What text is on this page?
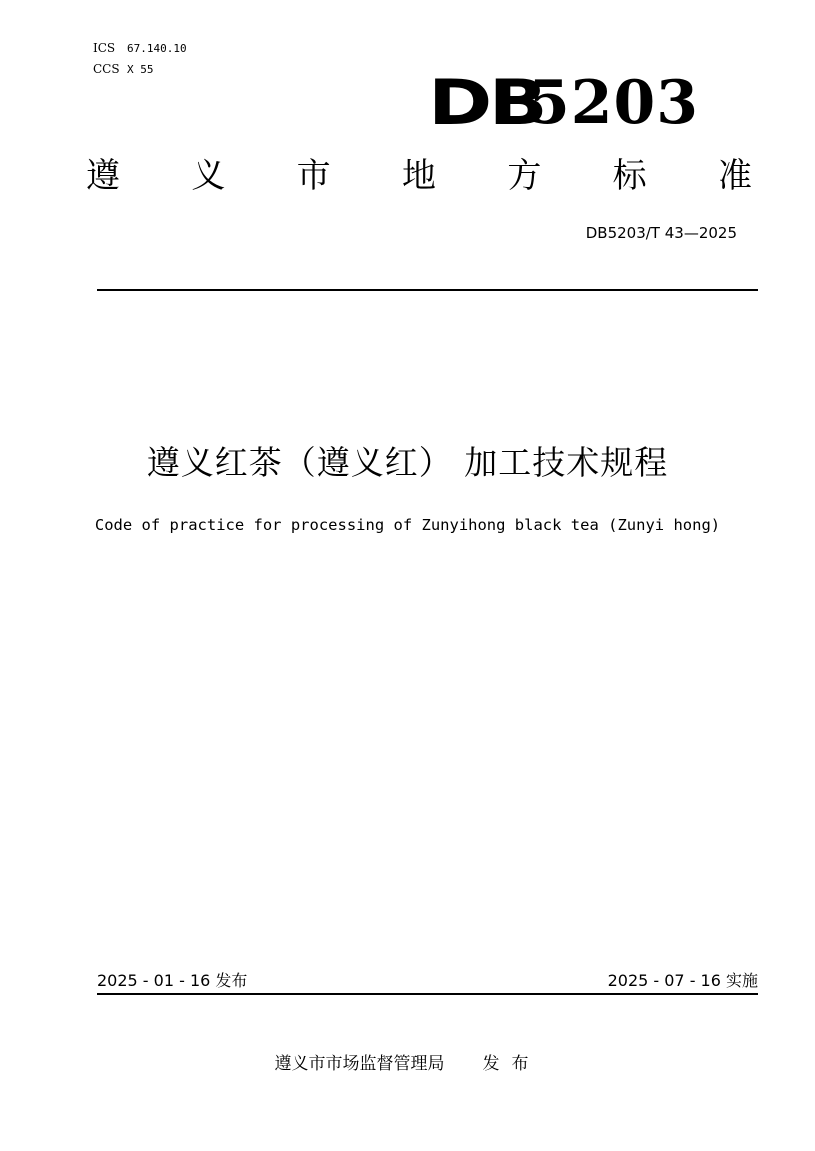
ICS 67.140.10
CCS X 55	DB
5203
遵 义 市 地 方 标 准
DB5203/T 43—2025
遵义红茶（遵义红） 加工技术规程
Code of practice for processing of Zunyihong black tea (Zunyi hong)
2025 - 01 - 16 发布	2025 - 07 - 16 实施
遵义市市场监督管理局 发布
